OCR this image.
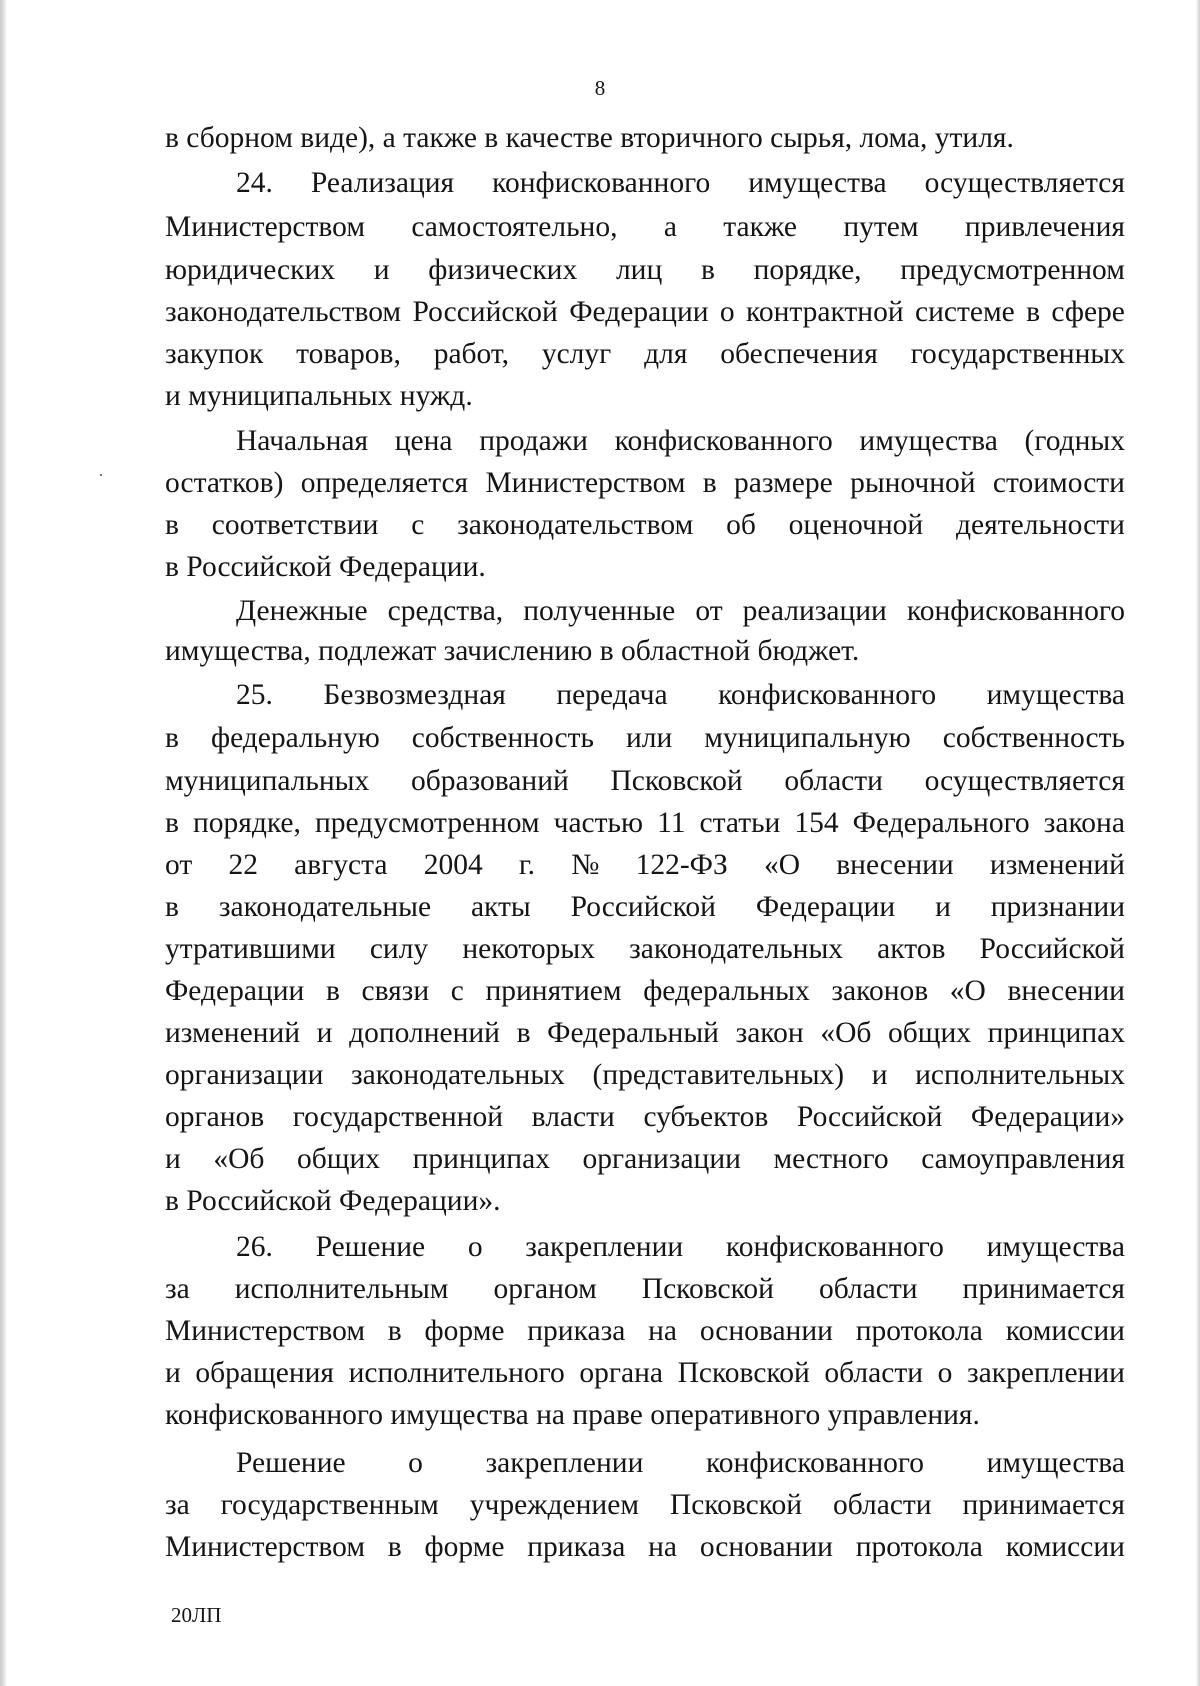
8
в сборном виде), а также в качестве вторичного сырья, лома, утиля.
24. Реализация конфискованного имущества осуществляется
Министерством самостоятельно, а также путем привлечения
юридических и физических лиц в порядке, предусмотренном
законодательством Российской Федерации о контрактной системе в сфере
закупок товаров, работ, услуг для обеспечения государственных
и муниципальных нужд.
Начальная цена продажи конфискованного имущества (годных
остатков) определяется Министерством в размере рыночной стоимости
в соответствии с законодательством об оценочной деятельности
в Российской Федерации.
Денежные средства, полученные от реализации конфискованного
имущества, подлежат зачислению в областной бюджет.
25. Безвозмездная передача конфискованного имущества
в федеральную собственность или муниципальную собственность
муниципальных образований Псковской области осуществляется
в порядке, предусмотренном частью 11 статьи 154 Федерального закона
от 22 августа 2004 г. № 122-ФЗ «О внесении изменений
в законодательные акты Российской Федерации и признании
утратившими силу некоторых законодательных актов Российской
Федерации в связи с принятием федеральных законов «О внесении
изменений и дополнений в Федеральный закон «Об общих принципах
организации законодательных (представительных) и исполнительных
органов государственной власти субъектов Российской Федерации»
и «Об общих принципах организации местного самоуправления
в Российской Федерации».
26. Решение о закреплении конфискованного имущества
за исполнительным органом Псковской области принимается
Министерством в форме приказа на основании протокола комиссии
и обращения исполнительного органа Псковской области о закреплении
конфискованного имущества на праве оперативного управления.
Решение о закреплении конфискованного имущества
за государственным учреждением Псковской области принимается
Министерством в форме приказа на основании протокола комиссии
20ЛП
